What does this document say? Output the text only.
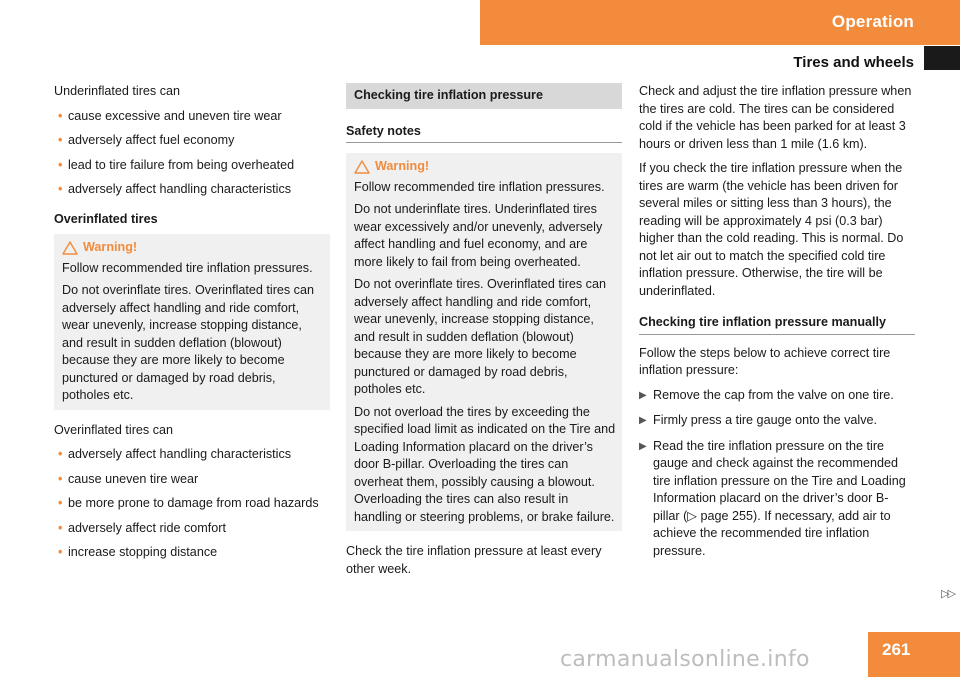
Operation
Tires and wheels

Underinflated tires can

• cause excessive and uneven tire wear
• adversely affect fuel economy
• lead to tire failure from being overheated
• adversely affect handling characteristics
Overinflated tires
Warning!

Follow recommended tire inflation pressures.

Do not overinflate tires. Overinflated tires can adversely affect handling and ride comfort, wear unevenly, increase stopping distance, and result in sudden deflation (blowout) because they are more likely to become punctured or damaged by road debris, potholes etc.

Overinflated tires can

• adversely affect handling characteristics
• cause uneven tire wear
• be more prone to damage from road hazards
• adversely affect ride comfort
• increase stopping distance
Checking tire inflation pressure
Safety notes
Warning!

Follow recommended tire inflation pressures.

Do not underinflate tires. Underinflated tires wear excessively and/or unevenly, adversely affect handling and fuel economy, and are more likely to fail from being overheated.

Do not overinflate tires. Overinflated tires can adversely affect handling and ride comfort, wear unevenly, increase stopping distance, and result in sudden deflation (blowout) because they are more likely to become punctured or damaged by road debris, potholes etc.

Do not overload the tires by exceeding the specified load limit as indicated on the Tire and Loading Information placard on the driver’s door B-pillar. Overloading the tires can overheat them, possibly causing a blowout. Overloading the tires can also result in handling or steering problems, or brake failure.

Check the tire inflation pressure at least every other week.

Check and adjust the tire inflation pressure when the tires are cold. The tires can be considered cold if the vehicle has been parked for at least 3 hours or driven less than 1 mile (1.6 km).

If you check the tire inflation pressure when the tires are warm (the vehicle has been driven for several miles or sitting less than 3 hours), the reading will be approximately 4 psi (0.3 bar) higher than the cold reading. This is normal. Do not let air out to match the specified cold tire inflation pressure. Otherwise, the tire will be underinflated.

Checking tire inflation pressure manually

Follow the steps below to achieve correct tire inflation pressure:

▶ Remove the cap from the valve on one tire.
▶ Firmly press a tire gauge onto the valve.
▶ Read the tire inflation pressure on the tire gauge and check against the recommended tire inflation pressure on the Tire and Loading Information placard on the driver’s door B-pillar (▷ page 255). If necessary, add air to achieve the recommended tire inflation pressure.
▷▷
261
carmanualsonline.info
